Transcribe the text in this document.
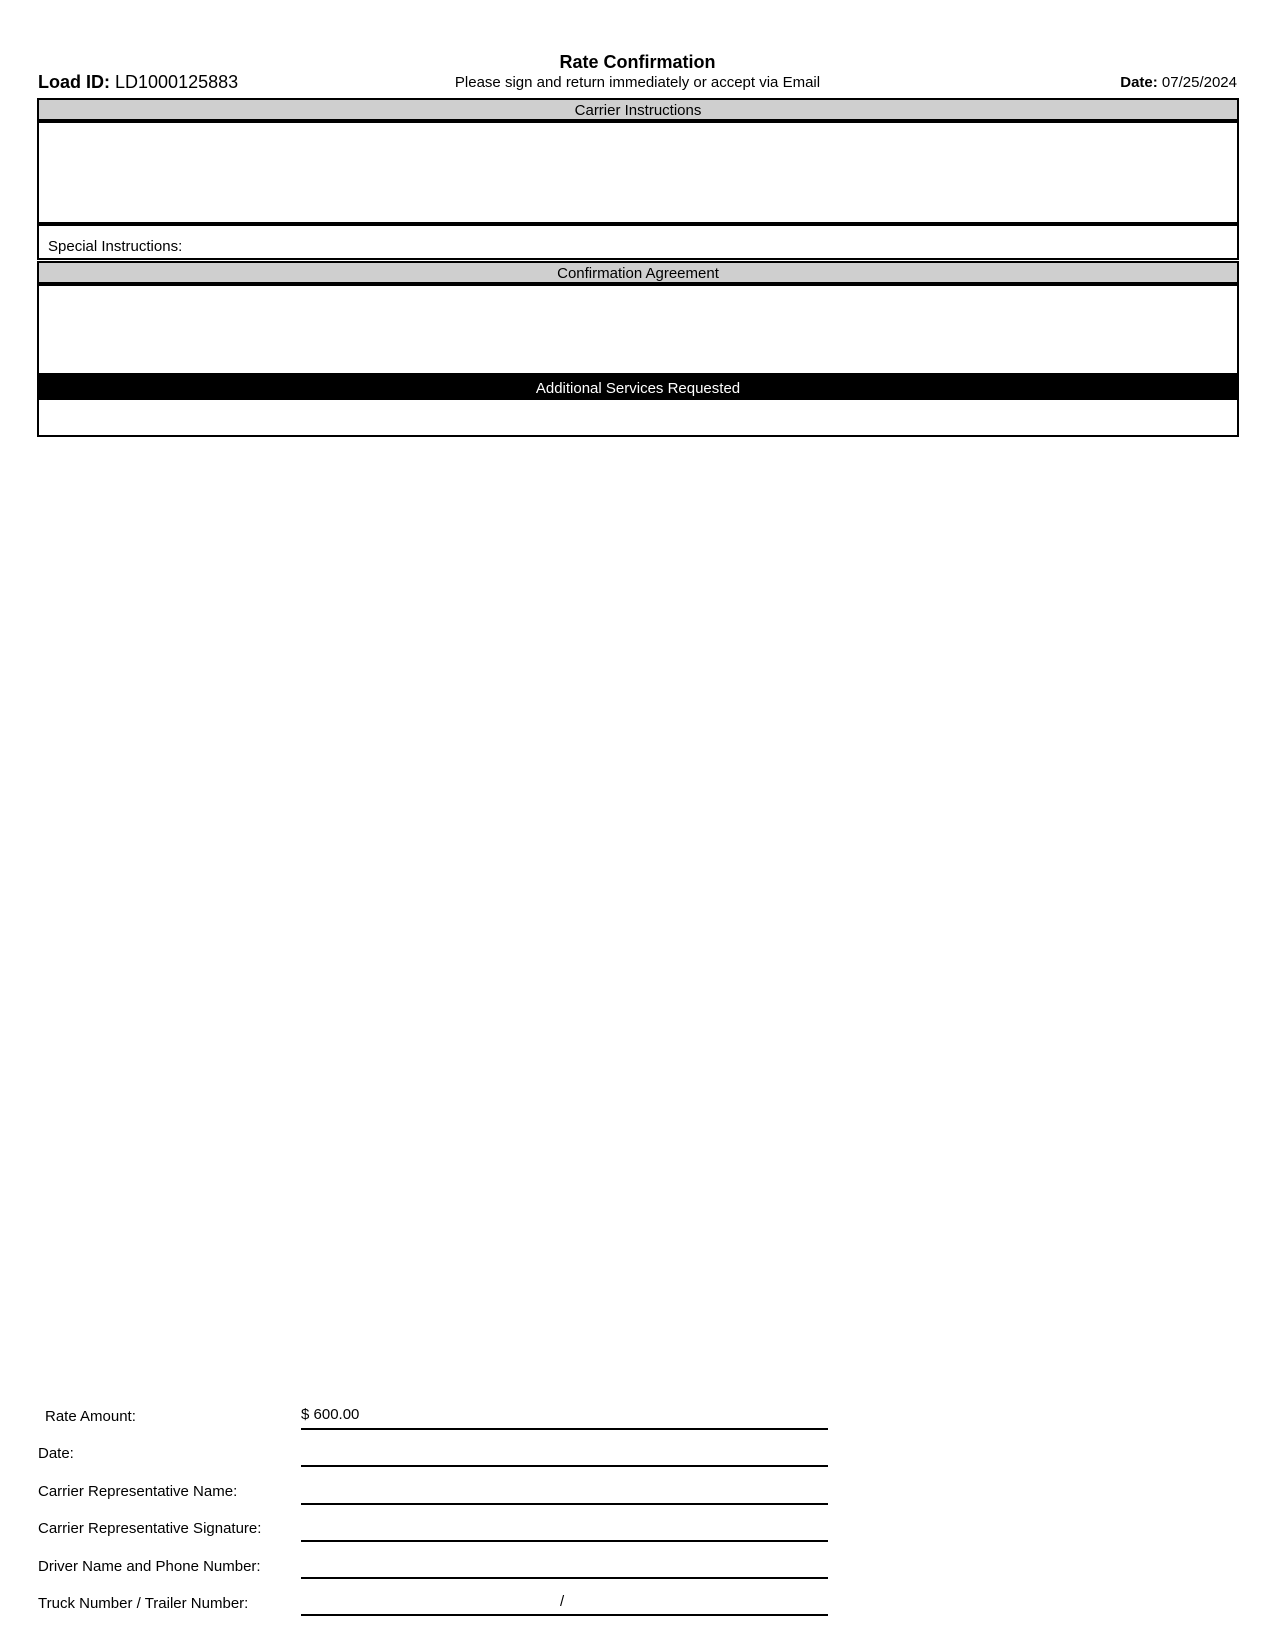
Rate Confirmation
Please sign and return immediately or accept via Email
Load ID: LD1000125883	Date: 07/25/2024
Carrier Instructions
Special Instructions:
Confirmation Agreement
Additional Services Requested
Rate Amount:	$ 600.00
Date:
Carrier Representative Name:
Carrier Representative Signature:
Driver Name and Phone Number:
Truck Number / Trailer Number:	/
